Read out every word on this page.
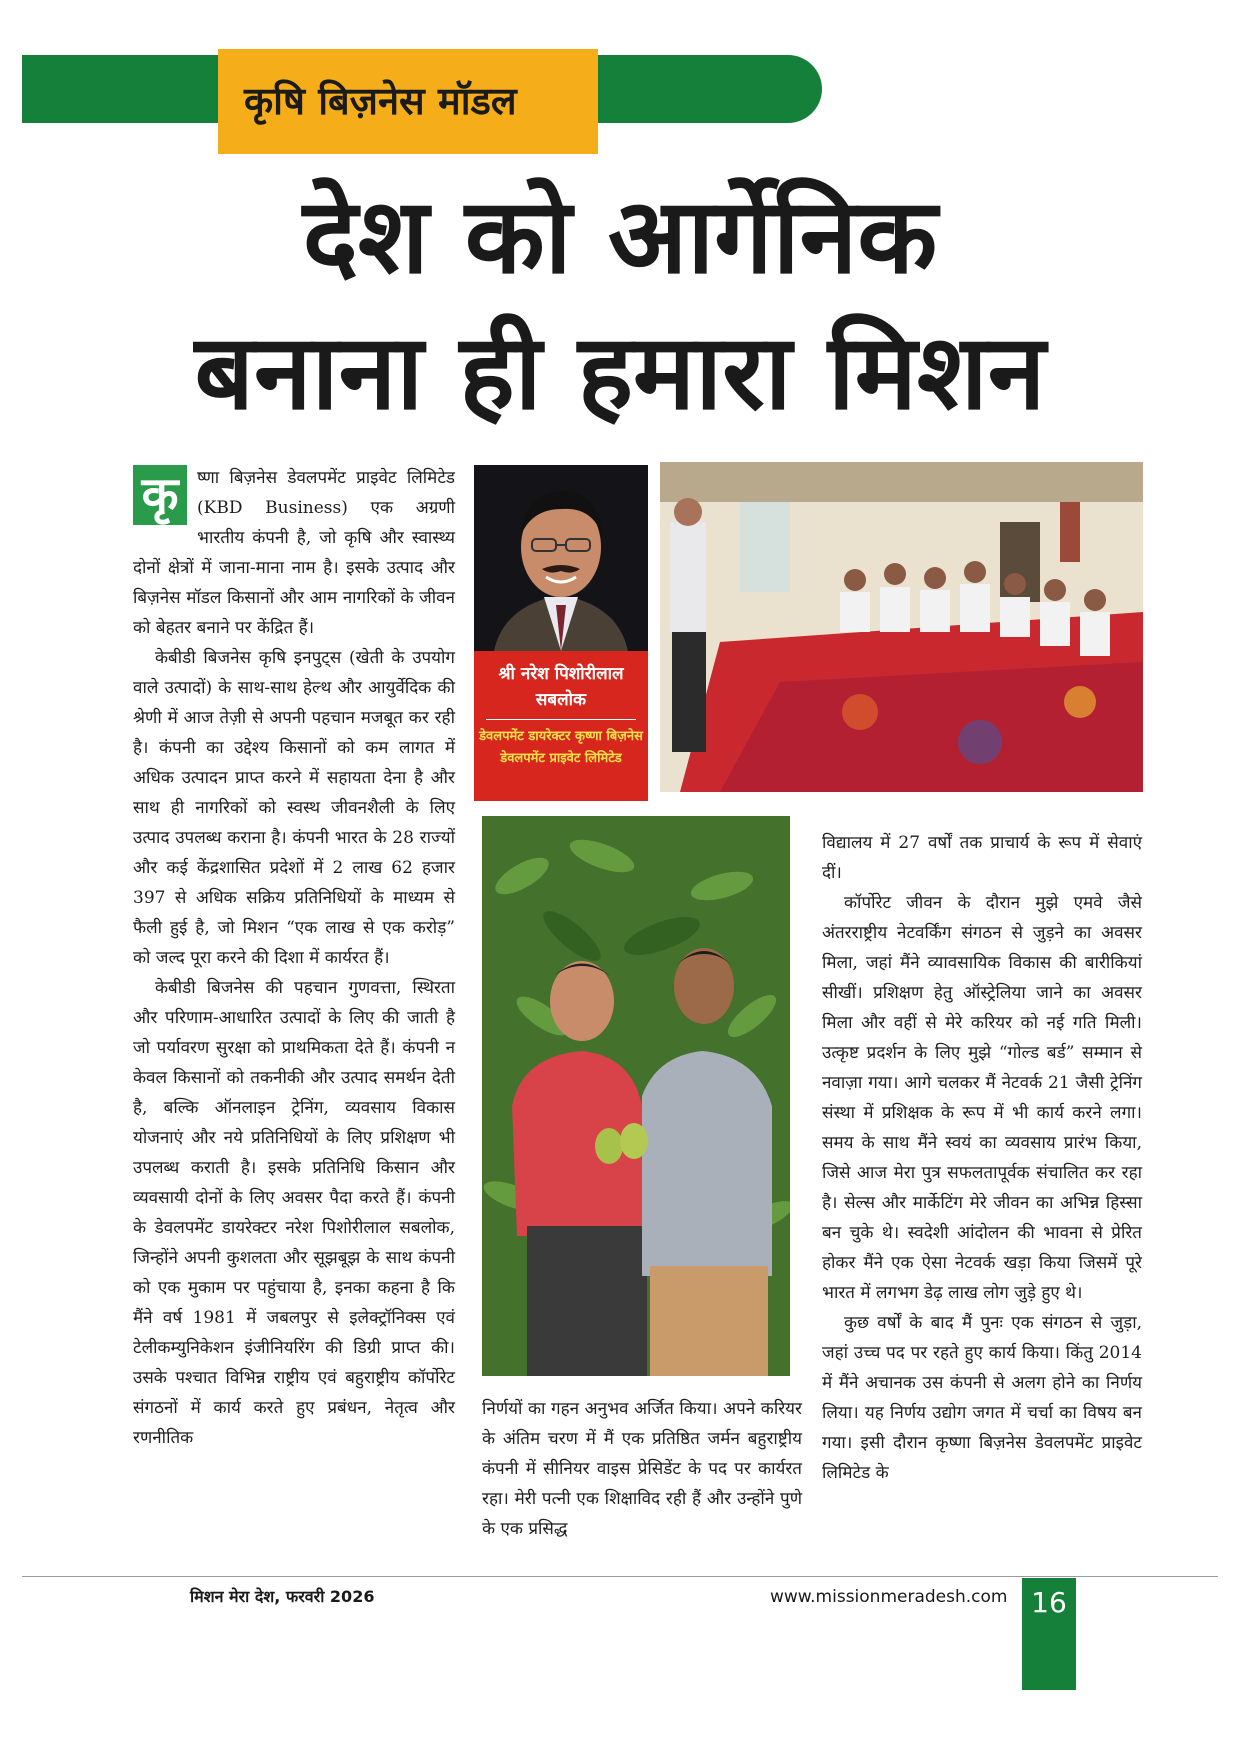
कृषि बिज़नेस मॉडल
देश को आर्गेनिक
बनाना ही हमारा मिशन
कृ	ष्णा बिज़नेस डेवलपमेंट प्राइवेट लिमिटेड (KBD Business) एक अग्रणी भारतीय कंपनी है, जो कृषि और स्वास्थ्य दोनों क्षेत्रों में जाना-माना नाम है। इसके उत्पाद और बिज़नेस मॉडल किसानों और आम नागरिकों के जीवन को बेहतर बनाने पर केंद्रित हैं।

केबीडी बिजनेस कृषि इनपुट्स (खेती के उपयोग वाले उत्पादों) के साथ-साथ हेल्थ और आयुर्वेदिक की श्रेणी में आज तेज़ी से अपनी पहचान मजबूत कर रही है। कंपनी का उद्देश्य किसानों को कम लागत में अधिक उत्पादन प्राप्त करने में सहायता देना है और साथ ही नागरिकों को स्वस्थ जीवनशैली के लिए उत्पाद उपलब्ध कराना है। कंपनी भारत के 28 राज्यों और कई केंद्रशासित प्रदेशों में 2 लाख 62 हजार 397 से अधिक सक्रिय प्रतिनिधियों के माध्यम से फैली हुई है, जो मिशन “एक लाख से एक करोड़” को जल्द पूरा करने की दिशा में कार्यरत हैं।

केबीडी बिजनेस की पहचान गुणवत्ता, स्थिरता और परिणाम-आधारित उत्पादों के लिए की जाती है जो पर्यावरण सुरक्षा को प्राथमिकता देते हैं। कंपनी न केवल किसानों को तकनीकी और उत्पाद समर्थन देती है, बल्कि ऑनलाइन ट्रेनिंग, व्यवसाय विकास योजनाएं और नये प्रतिनिधियों के लिए प्रशिक्षण भी उपलब्ध कराती है। इसके प्रतिनिधि किसान और व्यवसायी दोनों के लिए अवसर पैदा करते हैं। कंपनी के डेवलपमेंट डायरेक्टर नरेश पिशोरीलाल सबलोक, जिन्होंने अपनी कुशलता और सूझबूझ के साथ कंपनी को एक मुकाम पर पहुंचाया है, इनका कहना है कि मैंने वर्ष 1981 में जबलपुर से इलेक्ट्रॉनिक्स एवं टेलीकम्युनिकेशन इंजीनियरिंग की डिग्री प्राप्त की। उसके पश्चात विभिन्न राष्ट्रीय एवं बहुराष्ट्रीय कॉर्पोरेट संगठनों में कार्य करते हुए प्रबंधन, नेतृत्व और रणनीतिक

श्री नरेश पिशोरीलाल सबलोक
डेवलपमेंट डायरेक्टर कृष्णा बिज़नेस डेवलपमेंट प्राइवेट लिमिटेड

निर्णयों का गहन अनुभव अर्जित किया। अपने करियर के अंतिम चरण में मैं एक प्रतिष्ठित जर्मन बहुराष्ट्रीय कंपनी में सीनियर वाइस प्रेसिडेंट के पद पर कार्यरत रहा। मेरी पत्नी एक शिक्षाविद रही हैं और उन्होंने पुणे के एक प्रसिद्ध

विद्यालय में 27 वर्षों तक प्राचार्य के रूप में सेवाएं दीं।

कॉर्पोरेट जीवन के दौरान मुझे एमवे जैसे अंतरराष्ट्रीय नेटवर्किंग संगठन से जुड़ने का अवसर मिला, जहां मैंने व्यावसायिक विकास की बारीकियां सीखीं। प्रशिक्षण हेतु ऑस्ट्रेलिया जाने का अवसर मिला और वहीं से मेरे करियर को नई गति मिली। उत्कृष्ट प्रदर्शन के लिए मुझे “गोल्ड बर्ड” सम्मान से नवाज़ा गया। आगे चलकर मैं नेटवर्क 21 जैसी ट्रेनिंग संस्था में प्रशिक्षक के रूप में भी कार्य करने लगा। समय के साथ मैंने स्वयं का व्यवसाय प्रारंभ किया, जिसे आज मेरा पुत्र सफलतापूर्वक संचालित कर रहा है। सेल्स और मार्केटिंग मेरे जीवन का अभिन्न हिस्सा बन चुके थे। स्वदेशी आंदोलन की भावना से प्रेरित होकर मैंने एक ऐसा नेटवर्क खड़ा किया जिसमें पूरे भारत में लगभग डेढ़ लाख लोग जुड़े हुए थे।

कुछ वर्षों के बाद मैं पुनः एक संगठन से जुड़ा, जहां उच्च पद पर रहते हुए कार्य किया। किंतु 2014 में मैंने अचानक उस कंपनी से अलग होने का निर्णय लिया। यह निर्णय उद्योग जगत में चर्चा का विषय बन गया। इसी दौरान कृष्णा बिज़नेस डेवलपमेंट प्राइवेट लिमिटेड के

मिशन मेरा देश, फरवरी 2026	www.missionmeradesh.com 16
